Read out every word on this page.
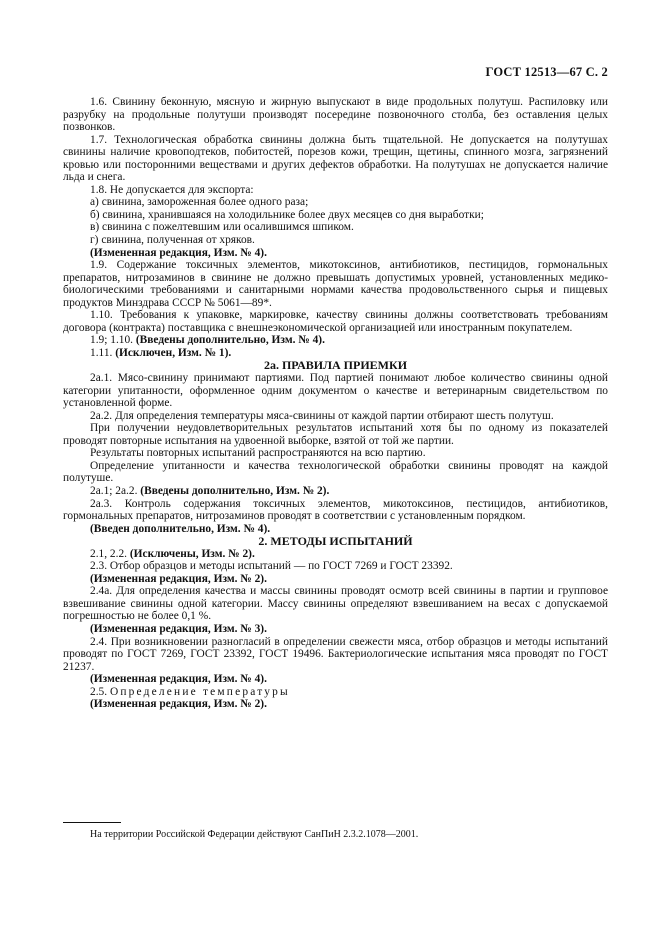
ГОСТ 12513—67 С. 2

1.6. Свинину беконную, мясную и жирную выпускают в виде продольных полутуш. Распиловку или разрубку на продольные полутуши производят посередине позвоночного столба, без оставления целых позвонков.

1.7. Технологическая обработка свинины должна быть тщательной. Не допускается на полутушах свинины наличие кровоподтеков, побитостей, порезов кожи, трещин, щетины, спинного мозга, загрязнений кровью или посторонними веществами и других дефектов обработки. На полутушах не допускается наличие льда и снега.

1.8. Не допускается для экспорта:

а) свинина, замороженная более одного раза;

б) свинина, хранившаяся на холодильнике более двух месяцев со дня выработки;

в) свинина с пожелтевшим или осалившимся шпиком.

г) свинина, полученная от хряков.

(Измененная редакция, Изм. № 4).

1.9. Содержание токсичных элементов, микотоксинов, антибиотиков, пестицидов, гормональных препаратов, нитрозаминов в свинине не должно превышать допустимых уровней, установленных медико-биологическими требованиями и санитарными нормами качества продовольственного сырья и пищевых продуктов Минздрава СССР № 5061—89*.

1.10. Требования к упаковке, маркировке, качеству свинины должны соответствовать требованиям договора (контракта) поставщика с внешнеэкономической организацией или иностранным покупателем.

1.9; 1.10. (Введены дополнительно, Изм. № 4).

1.11. (Исключен, Изм. № 1).

2а. ПРАВИЛА ПРИЕМКИ

2а.1. Мясо-свинину принимают партиями. Под партией понимают любое количество свинины одной категории упитанности, оформленное одним документом о качестве и ветеринарным свидетельством по установленной форме.

2а.2. Для определения температуры мяса-свинины от каждой партии отбирают шесть полутуш.

При получении неудовлетворительных результатов испытаний хотя бы по одному из показателей проводят повторные испытания на удвоенной выборке, взятой от той же партии.

Результаты повторных испытаний распространяются на всю партию.

Определение упитанности и качества технологической обработки свинины проводят на каждой полутуше.

2а.1; 2а.2. (Введены дополнительно, Изм. № 2).

2а.3. Контроль содержания токсичных элементов, микотоксинов, пестицидов, антибиотиков, гормональных препаратов, нитрозаминов проводят в соответствии с установленным порядком.

(Введен дополнительно, Изм. № 4).

2. МЕТОДЫ ИСПЫТАНИЙ

2.1, 2.2. (Исключены, Изм. № 2).

2.3. Отбор образцов и методы испытаний — по ГОСТ 7269 и ГОСТ 23392.

(Измененная редакция, Изм. № 2).

2.4а. Для определения качества и массы свинины проводят осмотр всей свинины в партии и групповое взвешивание свинины одной категории. Массу свинины определяют взвешиванием на весах с допускаемой погрешностью не более 0,1 %.

(Измененная редакция, Изм. № 3).

2.4. При возникновении разногласий в определении свежести мяса, отбор образцов и методы испытаний проводят по ГОСТ 7269, ГОСТ 23392, ГОСТ 19496. Бактериологические испытания мяса проводят по ГОСТ 21237.

(Измененная редакция, Изм. № 4).

2.5. Определение температуры

(Измененная редакция, Изм. № 2).

На территории Российской Федерации действуют СанПиН 2.3.2.1078—2001.
